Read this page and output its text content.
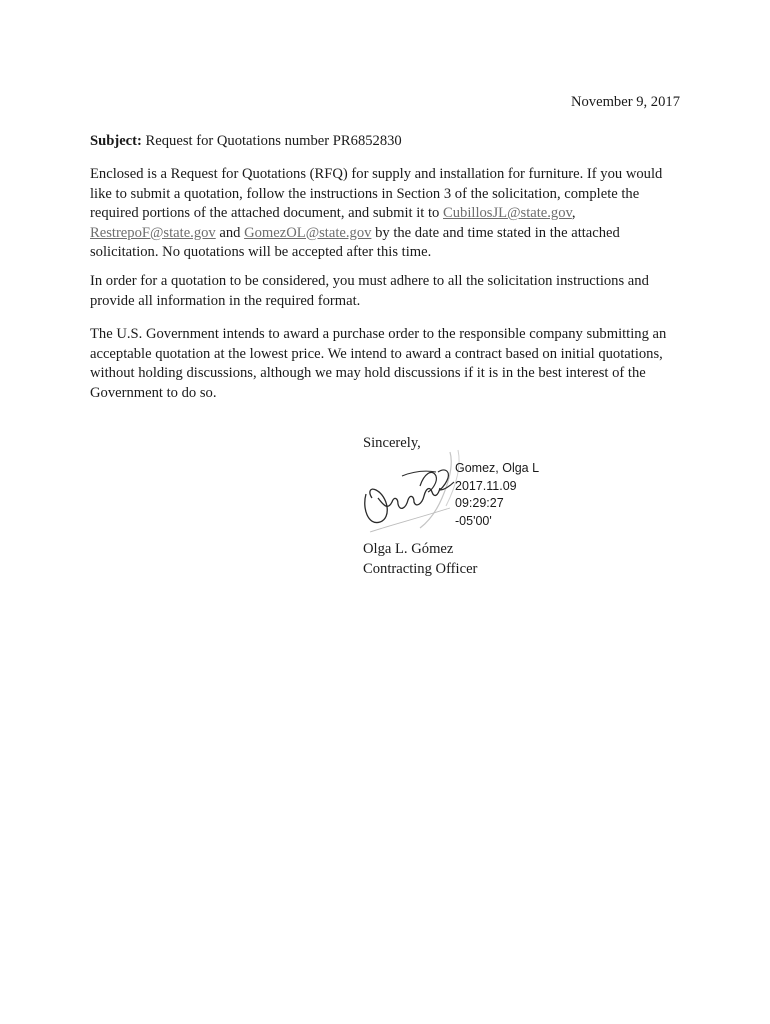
November 9, 2017
Subject: Request for Quotations number PR6852830

Enclosed is a Request for Quotations (RFQ) for supply and installation for furniture. If you would like to submit a quotation, follow the instructions in Section 3 of the solicitation, complete the required portions of the attached document, and submit it to CubillosJL@state.gov, RestrepoF@state.gov and GomezOL@state.gov by the date and time stated in the attached solicitation. No quotations will be accepted after this time.

In order for a quotation to be considered, you must adhere to all the solicitation instructions and provide all information in the required format.

The U.S. Government intends to award a purchase order to the responsible company submitting an acceptable quotation at the lowest price. We intend to award a contract based on initial quotations, without holding discussions, although we may hold discussions if it is in the best interest of the Government to do so.

Sincerely,
Gomez, Olga L
2017.11.09
09:29:27
-05'00'
Olga L. Gómez
Contracting Officer
